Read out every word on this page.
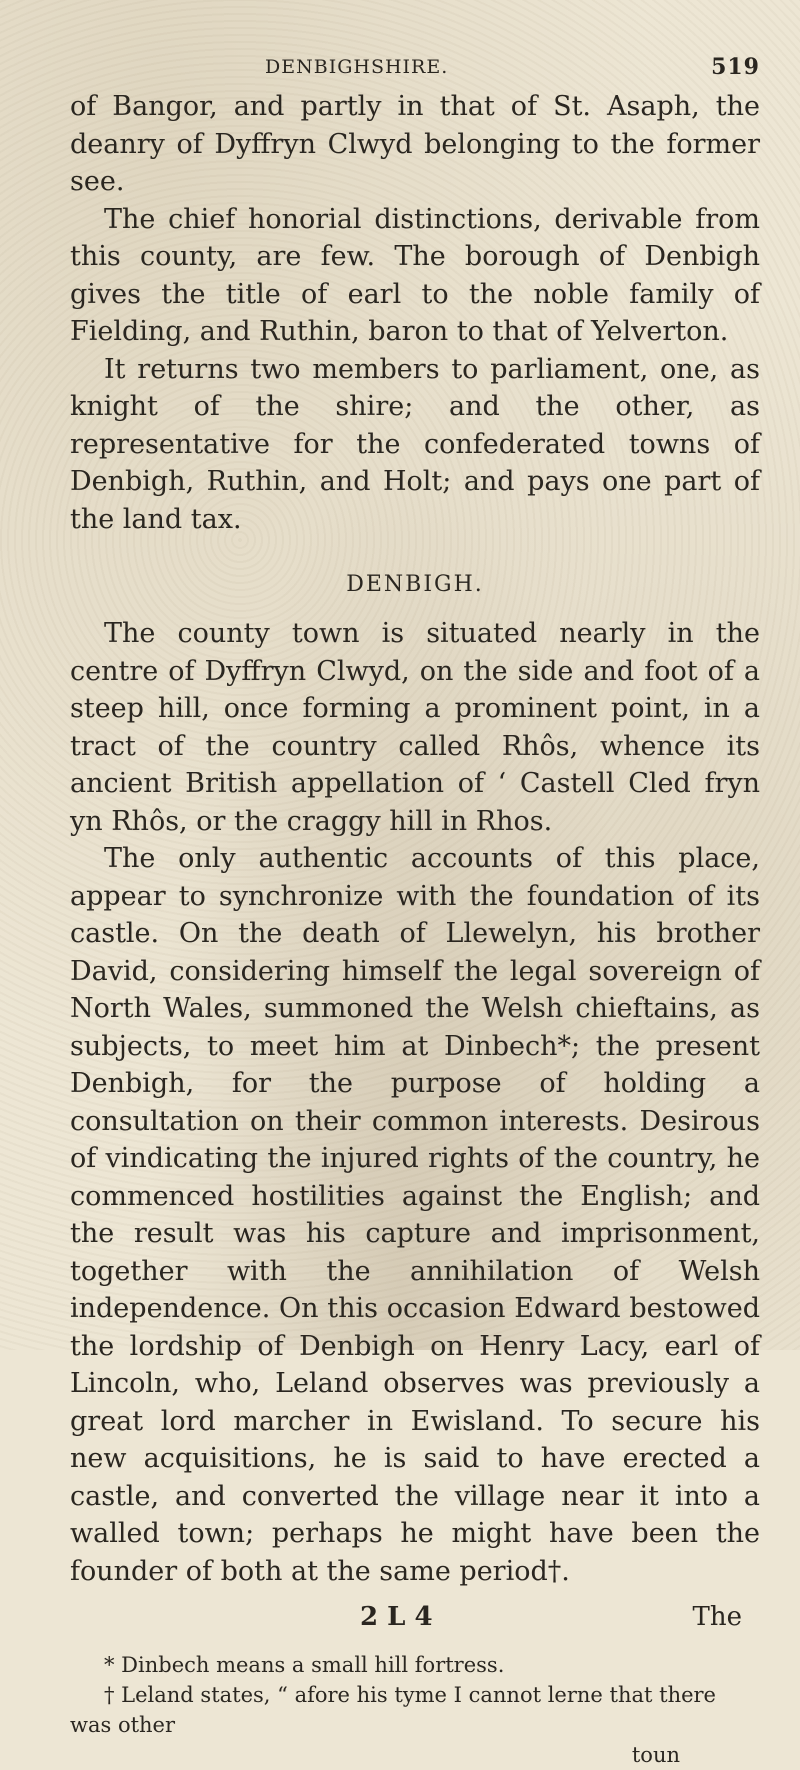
DENBIGHSHIRE.	519

of Bangor, and partly in that of St. Asaph, the deanry of Dyffryn Clwyd belonging to the former see.

The chief honorial distinctions, derivable from this county, are few. The borough of Denbigh gives the title of earl to the noble family of Fielding, and Ruthin, baron to that of Yelverton.

It returns two members to parliament, one, as knight of the shire; and the other, as representative for the confederated towns of Denbigh, Ruthin, and Holt; and pays one part of the land tax.

DENBIGH.

The county town is situated nearly in the centre of Dyffryn Clwyd, on the side and foot of a steep hill, once forming a prominent point, in a tract of the country called Rhôs, whence its ancient British appellation of ‘ Castell Cled fryn yn Rhôs, or the craggy hill in Rhos.

The only authentic accounts of this place, appear to synchronize with the foundation of its castle. On the death of Llewelyn, his brother David, considering himself the legal sovereign of North Wales, summoned the Welsh chieftains, as subjects, to meet him at Dinbech*; the present Denbigh, for the purpose of holding a consultation on their common interests. Desirous of vindicating the injured rights of the country, he commenced hostilities against the English; and the result was his capture and imprisonment, together with the annihilation of Welsh independence. On this occasion Edward bestowed the lordship of Denbigh on Henry Lacy, earl of Lincoln, who, Leland observes was previously a great lord marcher in Ewisland. To secure his new acquisitions, he is said to have erected a castle, and converted the village near it into a walled town; perhaps he might have been the founder of both at the same period†.

2 L 4	The

* Dinbech means a small hill fortress.

† Leland states, “ afore his tyme I cannot lerne that there was other

toun
